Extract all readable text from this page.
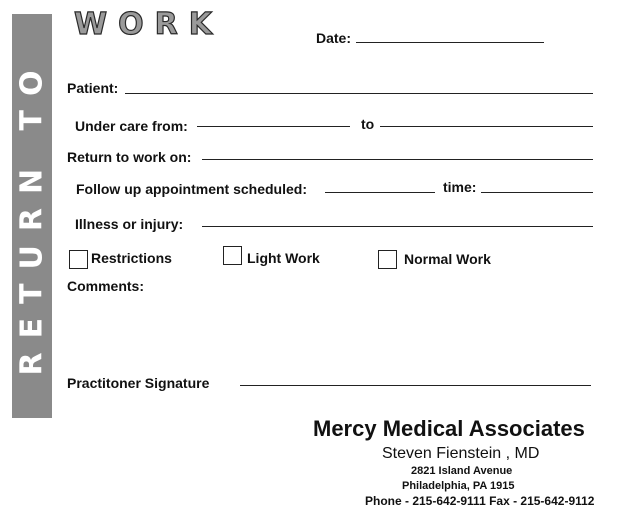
RETURN TO
WORK	Date:
Patient:
Under care from:	to
Return to work on:
Follow up appointment scheduled:	time:
Illness or injury:
Restrictions	Light Work	Normal Work
Comments:
Practitoner Signature
Mercy Medical Associates
Steven Fienstein , MD
2821 Island Avenue
Philadelphia, PA 1915
Phone - 215-642-9111 Fax - 215-642-9112
